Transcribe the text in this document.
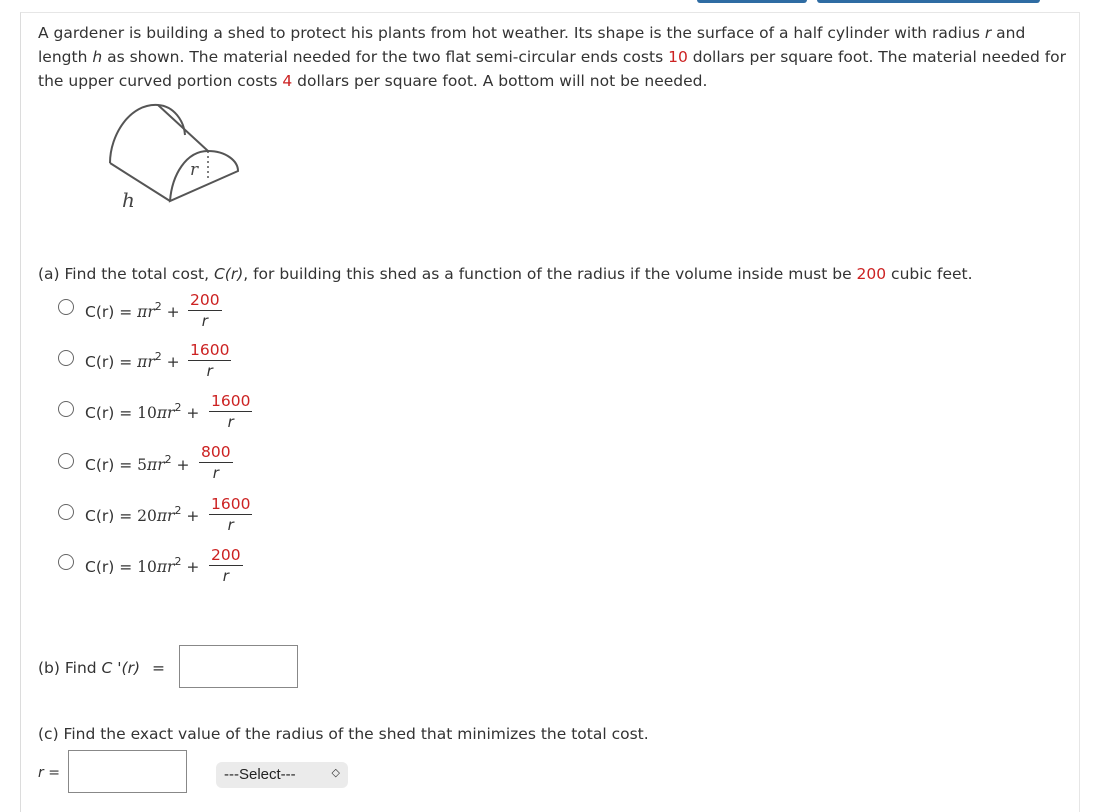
A gardener is building a shed to protect his plants from hot weather. Its shape is the surface of a half cylinder with radius r and length h as shown. The material needed for the two flat semi-circular ends costs 10 dollars per square foot. The material needed for the upper curved portion costs 4 dollars per square foot. A bottom will not be needed.
r
h
(a) Find the total cost, C(r), for building this shed as a function of the radius if the volume inside must be 200 cubic feet.
$C(r) = \pi r^2 + \frac{200}{r}$
$C(r) = \pi r^2 + \frac{1600}{r}$
$C(r) = 10\pi r^2 + \frac{1600}{r}$
$C(r) = 5\pi r^2 + \frac{800}{r}$
$C(r) = 20\pi r^2 + \frac{1600}{r}$
$C(r) = 10\pi r^2 + \frac{200}{r}$
(b) Find C '(r) =
(c) Find the exact value of the radius of the shed that minimizes the total cost.
r =	---Select---	◇
